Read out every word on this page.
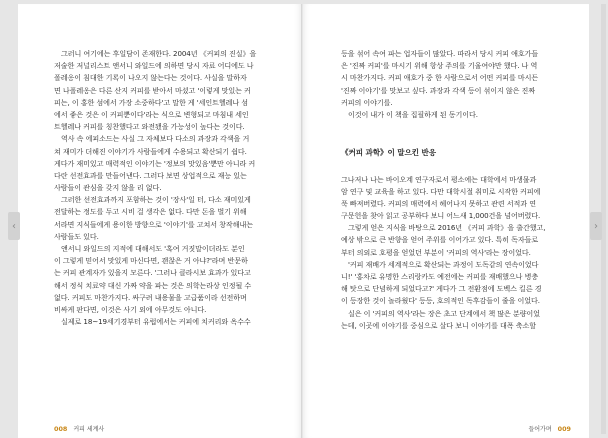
그러니 여기에는 후일담이 존재한다. 2004년 《커피의 진실》을
저술한 저널리스트 앤서니 와일드에 의하면 당시 자료 어디에도 나
폴레옹이 침대한 기록이 나오지 않는다는 것이다. 사실을 말하자
면 나폴레옹은 다른 산지 커피를 받아서 마셨고 '이렇게 맛있는 커
피는, 이 홍한 섬에서 가장 소중하다'고 말한 게 '세인트헬레나 섬
에서 좋은 것은 이 커피뿐이다'라는 식으로 변형되고 마침내 세인
트헬레나 커피를 칭찬했다고 와전됐을 가능성이 높다는 것이다.
역사 속 에피소드는 사실 그 자체보다 다소의 과장과 각색을 거
쳐 재미가 더해진 이야기가 사람들에게 수용되고 확산되기 쉽다.
게다가 재미있고 매력적인 이야기는 '정보의 맛있음'뿐만 아니라 커
다란 선전효과를 만들어낸다. 그러다 보면 상업적으로 재능 있는
사람들이 관심을 갖지 않을 리 없다.
그러한 선전효과까지 포함하는 것이 '장사'일 터, 다소 재미있게
전달하는 정도를 두고 시비 걸 생각은 없다. 다만 돈을 벌기 위해
서라면 지식들에게 용이한 방향으로 '이야기'를 고쳐서 창작해내는
사람들도 있다.
앤서니 와일드의 지적에 대해서도 '혹여 거짓말이더라도 분인
이 그렇게 믿어서 맛있게 마신다면, 괜찮은 거 아냐?'라며 반문하
는 커피 관계자가 있을지 모른다. '그러나 클라시보 효과가 있다고
해서 정식 치료약 대신 가짜 약을 파는 것은 의학는라상 인정될 수
없다. 커피도 마찬가지다. 싸구려 내용물을 고급품이라 선전하며
비싸게 판다면, 이것은 사기 외에 아무것도 아니다.
실제로 18~19세기경부터 유럽에서는 커피에 치커리와 옥수수
008 커피 세계사
등을 섞어 속여 파는 업자들이 많았다. 따라서 당시 커피 애호가들
은 '진짜 커피'를 마시기 위해 항상 주의를 기울여야만 했다. 나 역
시 마찬가지다. 커피 애호가 중 한 사람으로서 어떤 커피를 마시든
'진짜 이야기'를 맛보고 싶다. 과장과 각색 등이 섞이지 않은 진짜
커피의 이야기를.
이것이 내가 이 책을 집필하게 된 동기이다.
《커피 과학》이 말으킨 반응
그나저나 나는 바이오계 연구자로서 평소에는 대학에서 마생물과
암 연구 및 교육을 하고 있다. 다만 대학시절 취미로 시작한 커피에
푹 빠져버렸다. 커피의 매력에서 헤어나지 못하고 관련 서적과 연
구문헌을 찾아 읽고 공부하다 보니 어느새 1,000건을 넘어버렸다.
그렇게 얻은 지식을 바탕으로 2016년 《커피 과학》을 출간했고,
예상 밖으로 큰 반향을 얻어 주위를 이어가고 있다. 특히 독자들로
부터 의외로 호평을 얻었던 부분이 '커피의 역사'라는 장이었다.
'커피 재배가 세계적으로 확산되는 과정이 도독같의 연속이었다
니!' '홍차로 유명한 스리랑카도 예전에는 커피를 재배했으나 병충
해 탓으로 단념하게 되었다고?' 게다가 그 전환점에 도벡스 킬른 경
이 등장한 것이 놀라웠다' 등등, 호의적인 독후감들이 줄을 이었다.
실은 이 '커피의 역사'라는 장은 초고 단계에서 책 많은 분량이었
는데, 이곳에 이야기를 중심으로 살다 보니 이야기를 대폭 축소할
들어가며 009
‹	›
